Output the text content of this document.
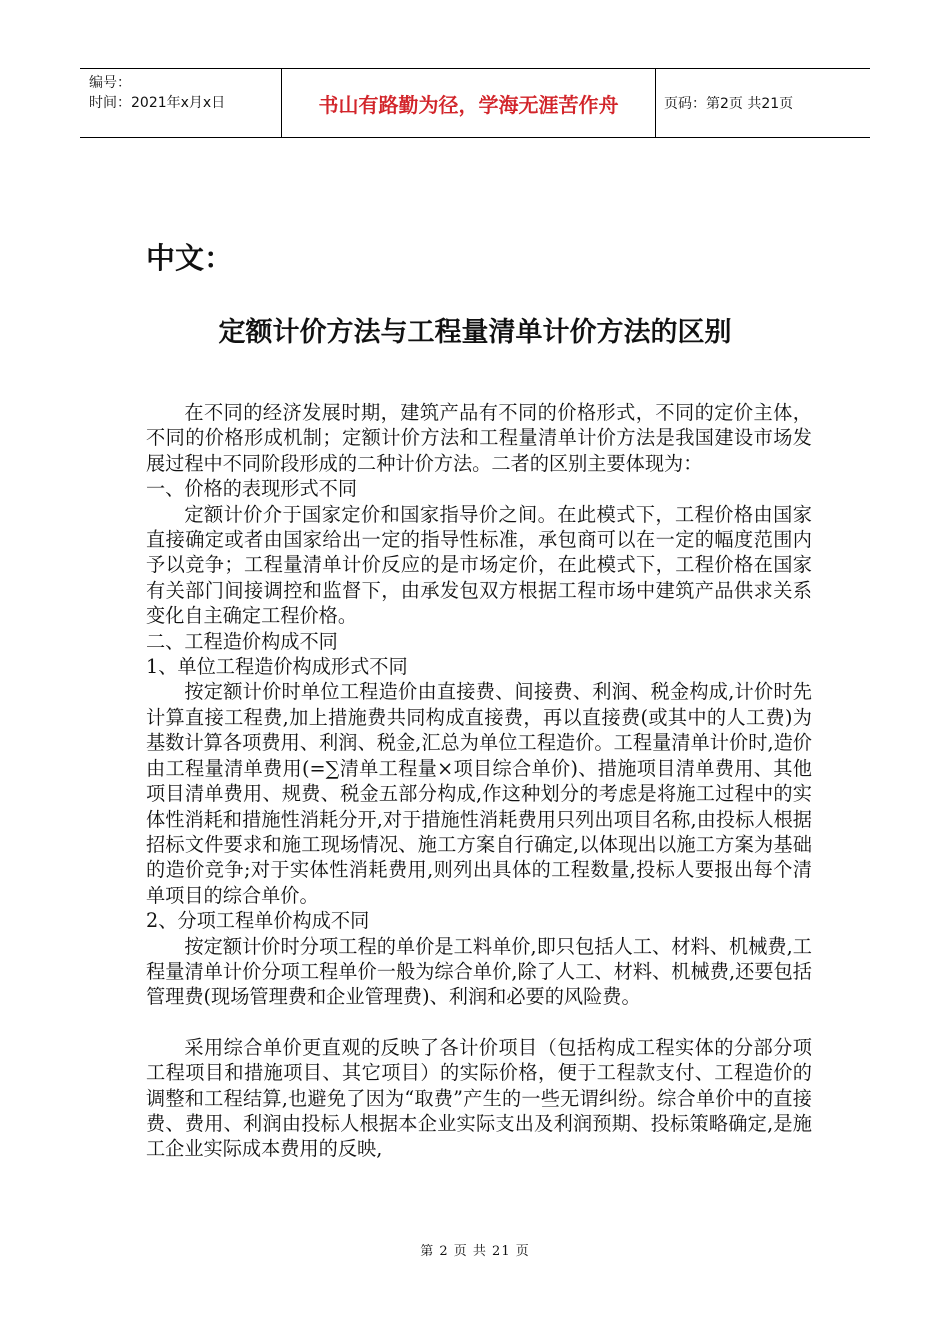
编号：
时间：2021年x月x日	书山有路勤为径，学海无涯苦作舟	页码：第2页 共21页
中文：
定额计价方法与工程量清单计价方法的区别

在不同的经济发展时期，建筑产品有不同的价格形式，不同的定价主体，不同的价格形成机制；定额计价方法和工程量清单计价方法是我国建设市场发展过程中不同阶段形成的二种计价方法。二者的区别主要体现为：

一、价格的表现形式不同

定额计价介于国家定价和国家指导价之间。在此模式下，工程价格由国家直接确定或者由国家给出一定的指导性标准，承包商可以在一定的幅度范围内予以竞争；工程量清单计价反应的是市场定价，在此模式下，工程价格在国家有关部门间接调控和监督下，由承发包双方根据工程市场中建筑产品供求关系变化自主确定工程价格。

二、工程造价构成不同

1、单位工程造价构成形式不同

按定额计价时单位工程造价由直接费、间接费、利润、税金构成,计价时先计算直接工程费,加上措施费共同构成直接费，再以直接费(或其中的人工费)为基数计算各项费用、利润、税金,汇总为单位工程造价。工程量清单计价时,造价由工程量清单费用(=∑清单工程量×项目综合单价)、措施项目清单费用、其他项目清单费用、规费、税金五部分构成,作这种划分的考虑是将施工过程中的实体性消耗和措施性消耗分开,对于措施性消耗费用只列出项目名称,由投标人根据招标文件要求和施工现场情况、施工方案自行确定,以体现出以施工方案为基础的造价竞争;对于实体性消耗费用,则列出具体的工程数量,投标人要报出每个清单项目的综合单价。

2、分项工程单价构成不同

按定额计价时分项工程的单价是工料单价,即只包括人工、材料、机械费,工程量清单计价分项工程单价一般为综合单价,除了人工、材料、机械费,还要包括管理费(现场管理费和企业管理费)、利润和必要的风险费。

采用综合单价更直观的反映了各计价项目（包括构成工程实体的分部分项工程项目和措施项目、其它项目）的实际价格，便于工程款支付、工程造价的调整和工程结算,也避免了因为“取费”产生的一些无谓纠纷。综合单价中的直接费、费用、利润由投标人根据本企业实际支出及利润预期、投标策略确定,是施工企业实际成本费用的反映,

第 2 页 共 21 页
